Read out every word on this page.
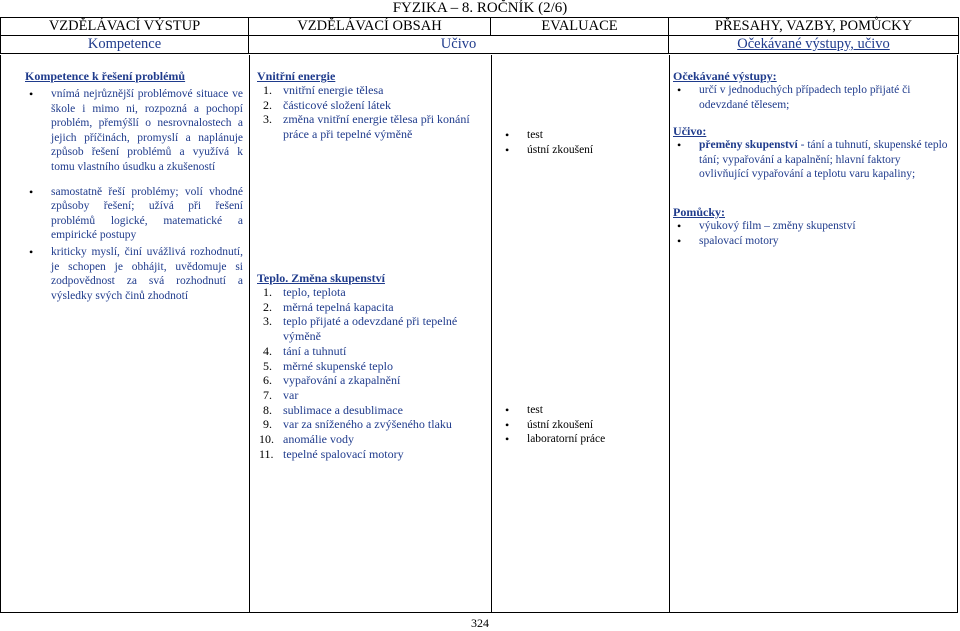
FYZIKA – 8. ROČNÍK (2/6)
VZDĚLÁVACÍ VÝSTUP	VZDĚLÁVACÍ OBSAH	EVALUACE	PŘESAHY, VAZBY, POMŮCKY
Kompetence	Učivo		Očekávané výstupy, učivo
Kompetence k řešení problémů
• vnímá nejrůznější problémové situace ve škole i mimo ni, rozpozná a pochopí problém, přemýšlí o nesrovnalostech a jejich příčinách, promyslí a naplánuje způsob řešení problémů a využívá k tomu vlastního úsudku a zkušeností
• samostatně řeší problémy; volí vhodné způsoby řešení; užívá při řešení problémů logické, matematické a empirické postupy
• kriticky myslí, činí uvážlivá rozhodnutí, je schopen je obhájit, uvědomuje si zodpovědnost za svá rozhodnutí a výsledky svých činů zhodnotí
Vnitřní energie
1. vnitřní energie tělesa
2. částicové složení látek
3. změna vnitřní energie tělesa při konání práce a při tepelné výměně
Teplo. Změna skupenství
1. teplo, teplota
2. měrná tepelná kapacita
3. teplo přijaté a odevzdané při tepelné výměně
4. tání a tuhnutí
5. měrné skupenské teplo
6. vypařování a zkapalnění
7. var
8. sublimace a desublimace
9. var za sníženého a zvýšeného tlaku
10. anomálie vody
11. tepelné spalovací motory
• test
• ústní zkoušení
• test
• ústní zkoušení
• laboratorní práce
Očekávané výstupy:
• určí v jednoduchých případech teplo přijaté či odevzdané tělesem;
Učivo:
• přeměny skupenství - tání a tuhnutí, skupenské teplo tání; vypařování a kapalnění; hlavní faktory ovlivňující vypařování a teplotu varu kapaliny;
Pomůcky:
• výukový film – změny skupenství
• spalovací motory
324
